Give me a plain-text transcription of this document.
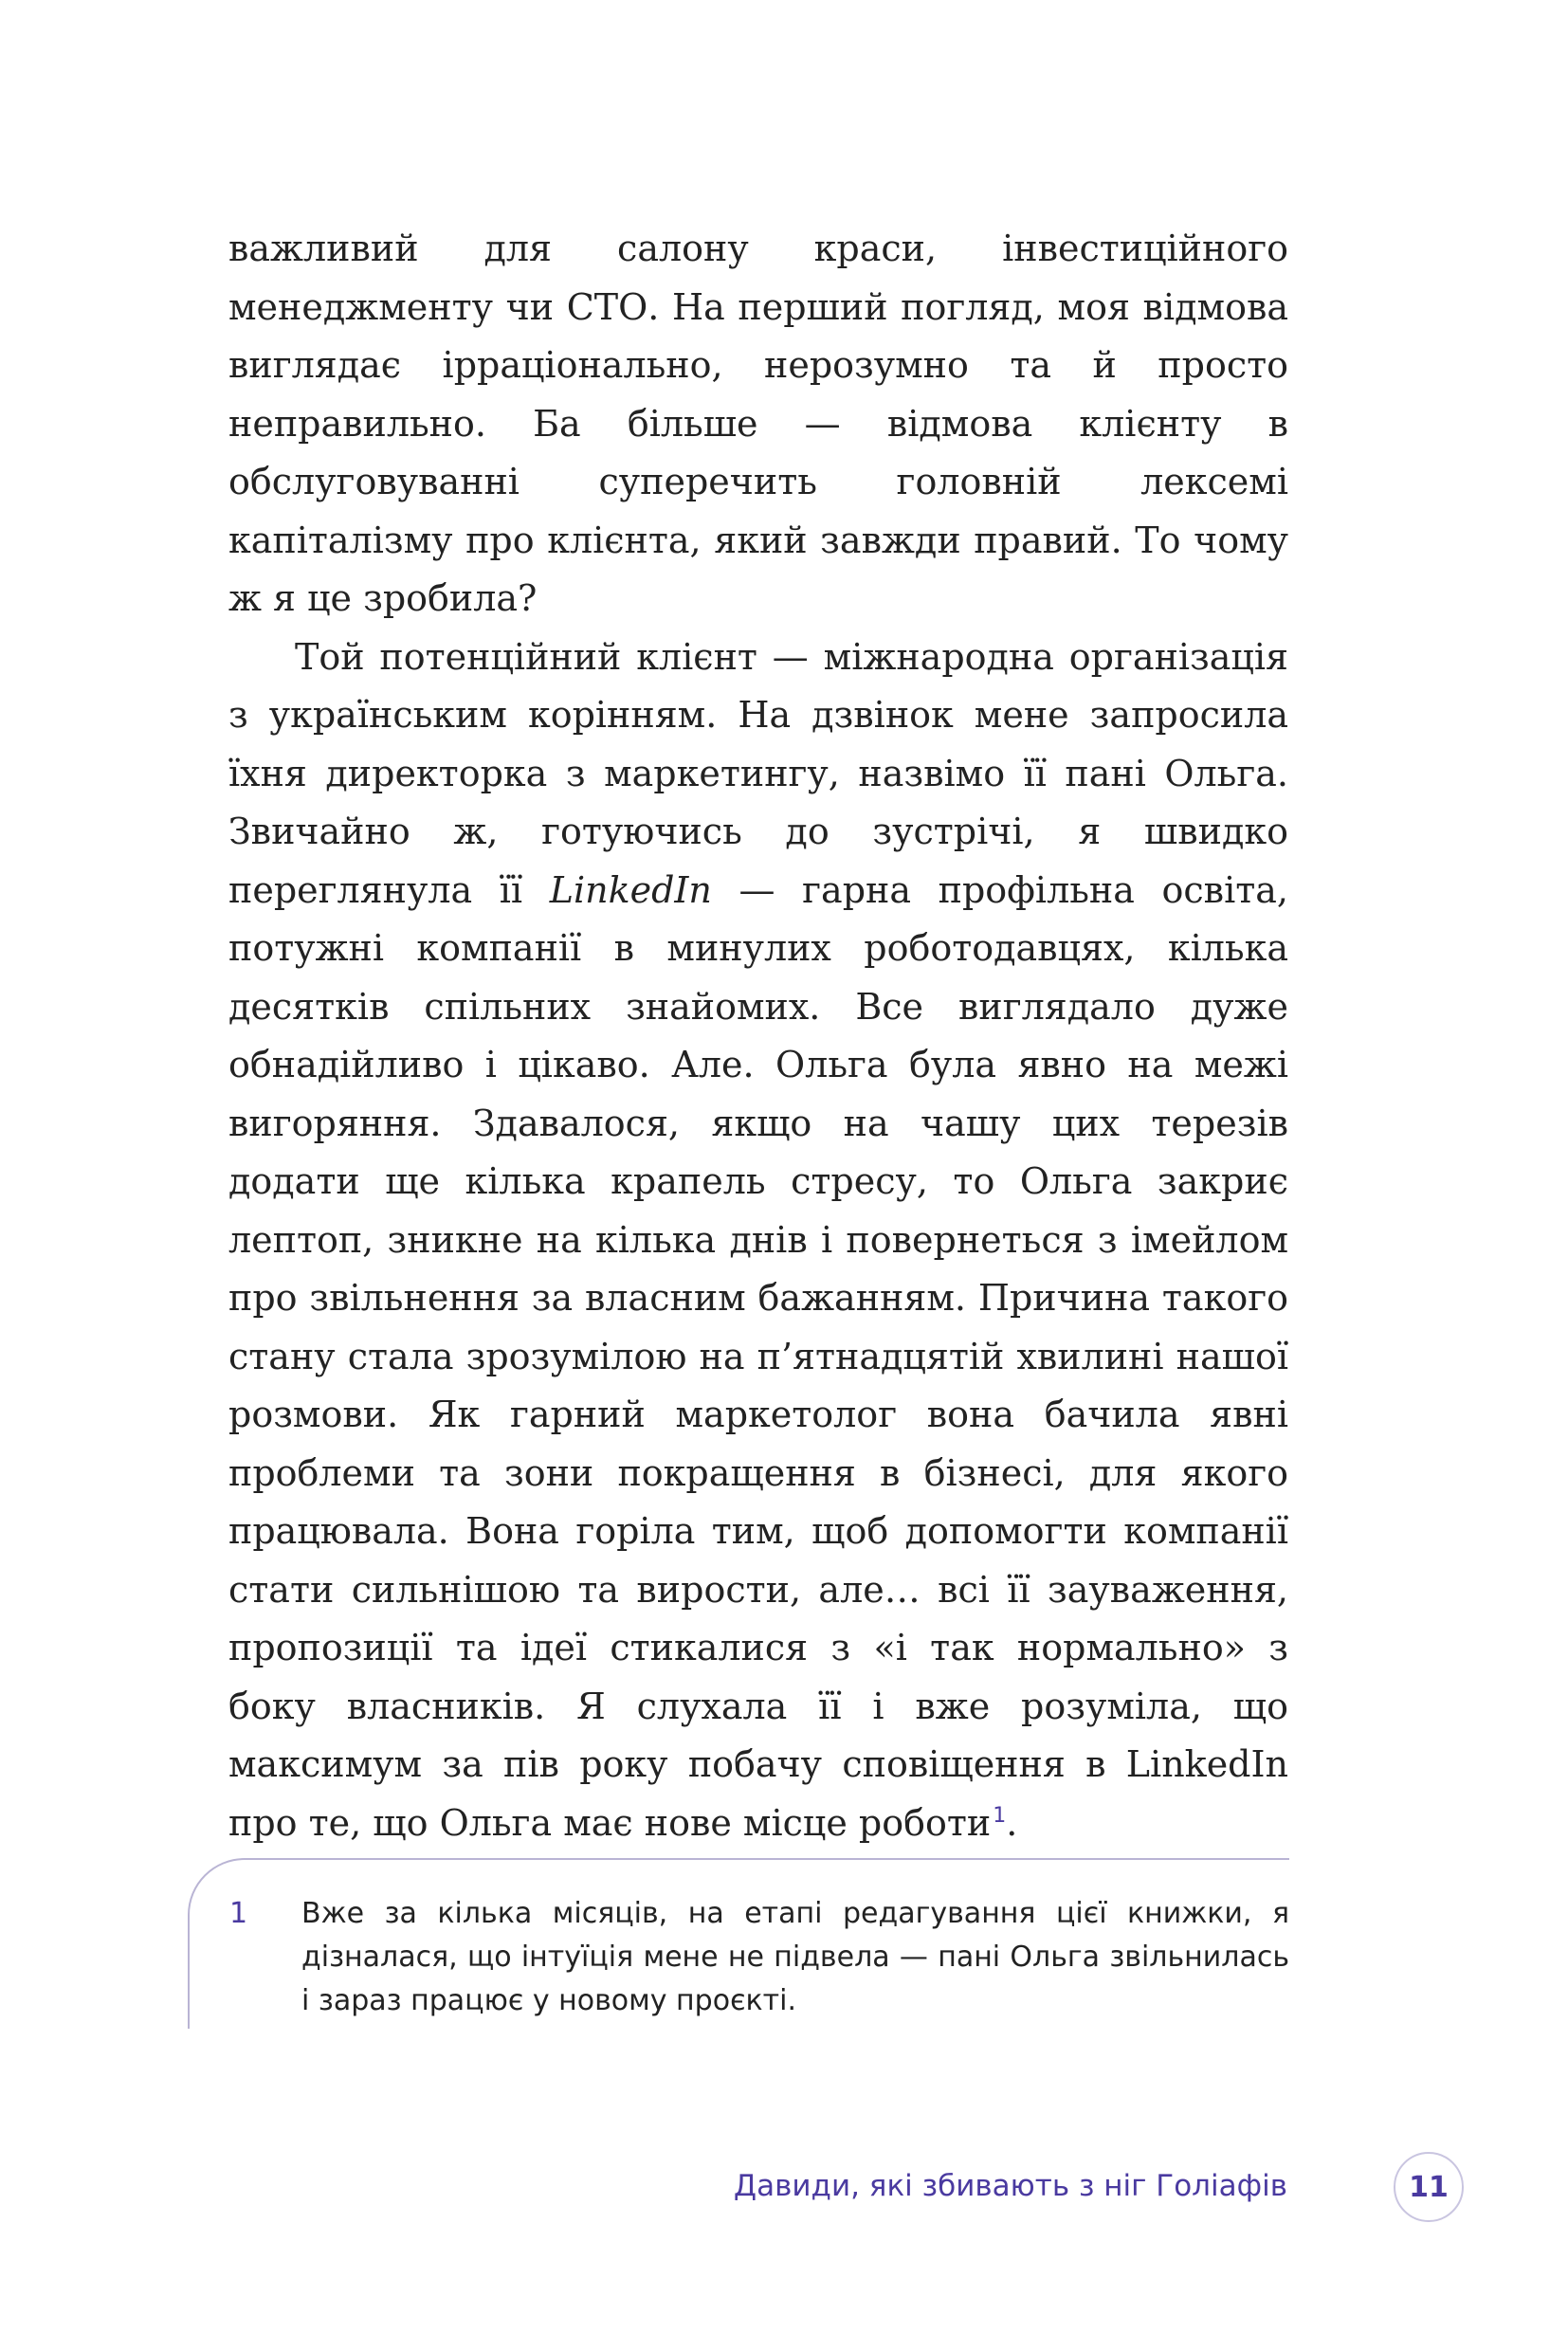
важливий для салону краси, інвестиційного менеджменту чи СТО. На перший погляд, моя відмова виглядає ірраціонально, нерозумно та й просто неправильно. Ба більше — відмова клієнту в обслуговуванні суперечить головній лексемі капіталізму про клієнта, який завжди правий. То чому ж я це зробила?

Той потенційний клієнт — міжнародна організація з українським корінням. На дзвінок мене запросила їхня директорка з маркетингу, назвімо її пані Ольга. Звичайно ж, готуючись до зустрічі, я швидко переглянула її LinkedIn — гарна профільна освіта, потужні компанії в минулих роботодавцях, кілька десятків спільних знайомих. Все виглядало дуже обнадійливо і цікаво. Але. Ольга була явно на межі вигоряння. Здавалося, якщо на чашу цих терезів додати ще кілька крапель стресу, то Ольга закриє лептоп, зникне на кілька днів і повернеться з імейлом про звільнення за власним бажанням. Причина такого стану стала зрозумілою на п’ятнадцятій хвилині нашої розмови. Як гарний маркетолог вона бачила явні проблеми та зони покращення в бізнесі, для якого працювала. Вона горіла тим, щоб допомогти компанії стати сильнішою та вирости, але… всі її зауваження, пропозиції та ідеї стикалися з «і так нормально» з боку власників. Я слухала її і вже розуміла, що максимум за пів року побачу сповіщення в LinkedIn про те, що Ольга має нове місце роботи$^1$.

1 Вже за кілька місяців, на етапі редагування цієї книжки, я дізналася, що інтуїція мене не підвела — пані Ольга звільнилась і зараз працює у новому проєкті.
Давиди, які збивають з ніг Голіафів	11
